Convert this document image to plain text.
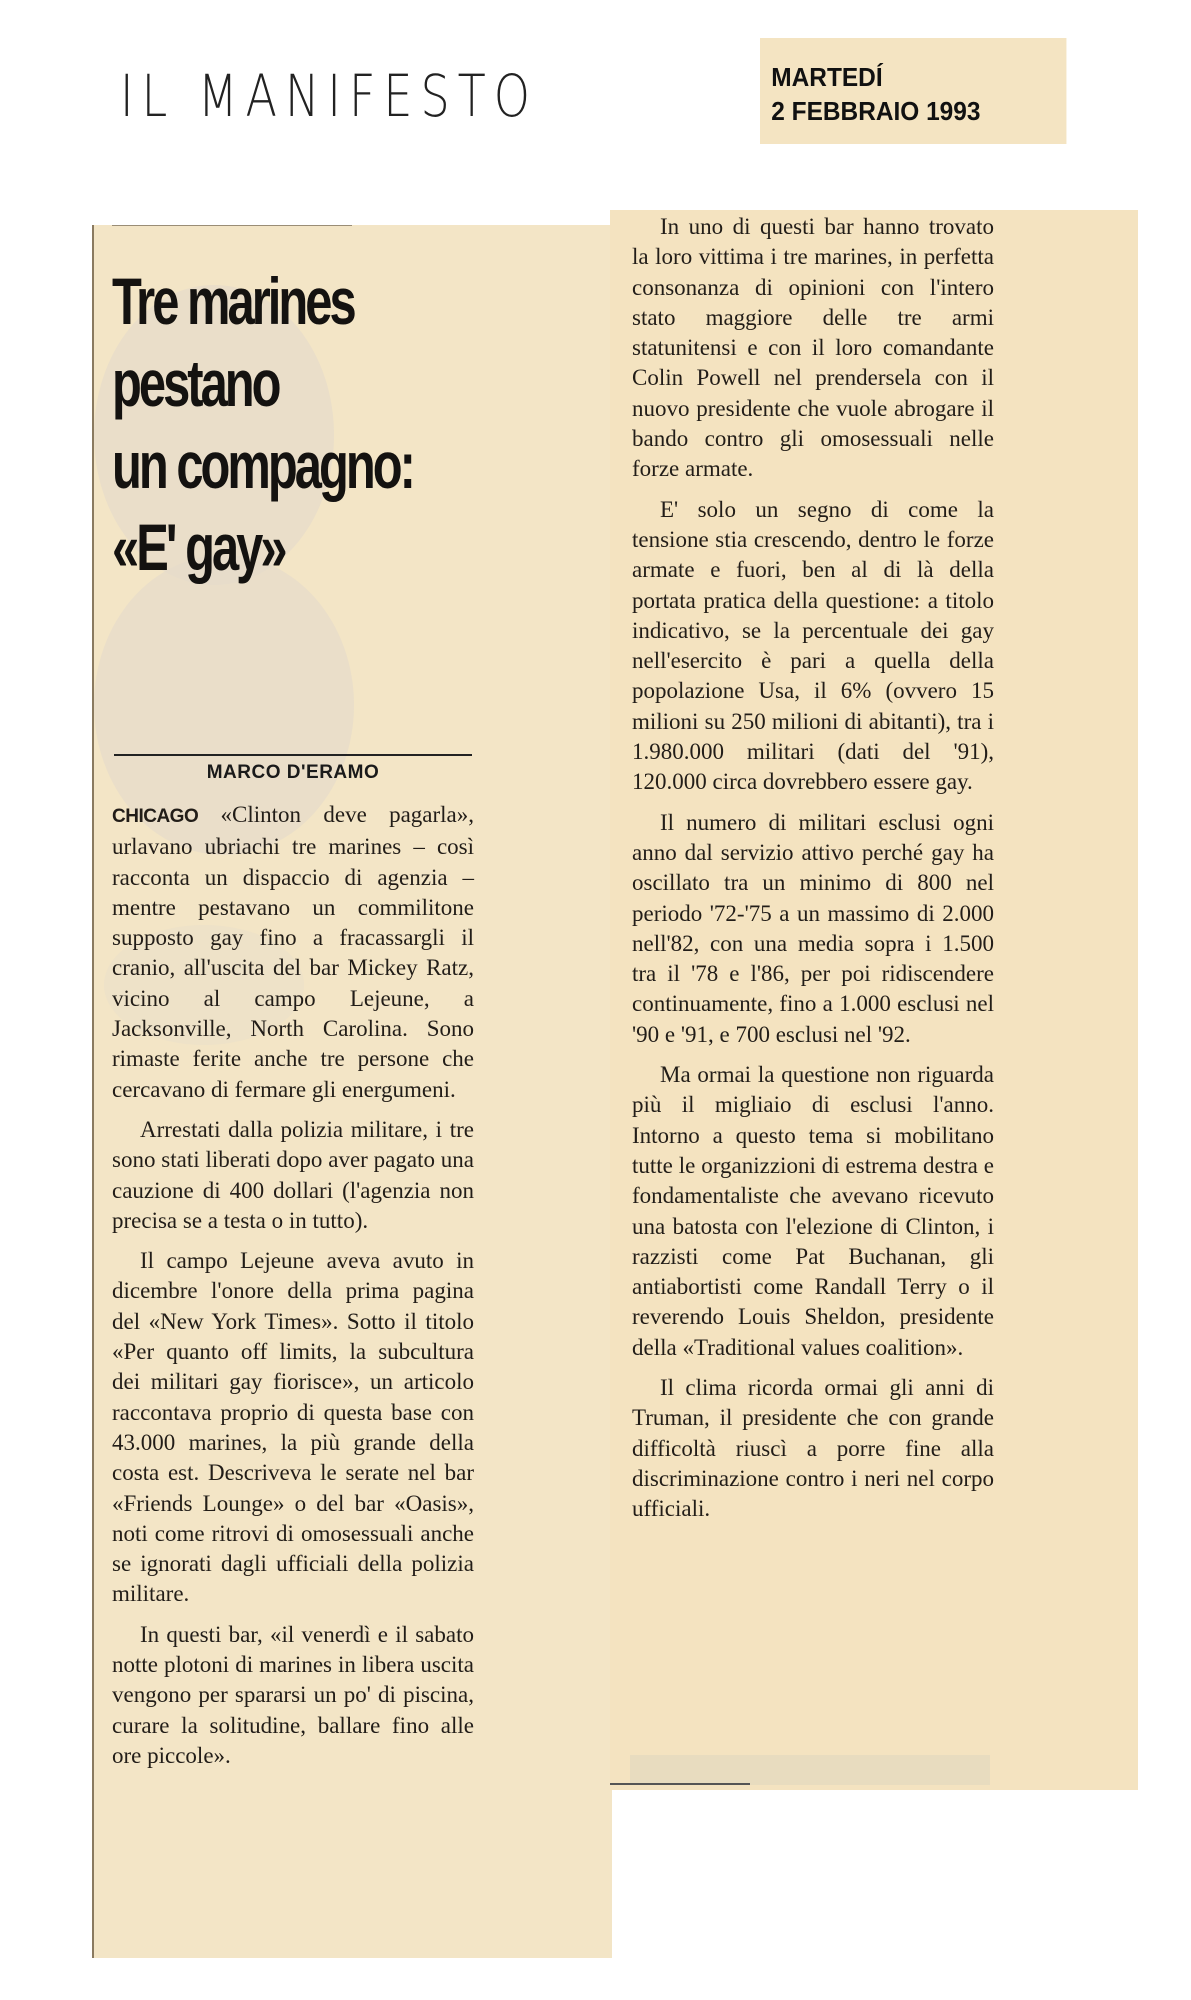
IL MANIFESTO	MARTEDÍ
2 FEBBRAIO 1993
Tre marines
pestano
un compagno:
«E' gay»
MARCO D'ERAMO

CHICAGO «Clinton deve pagarla», urlavano ubriachi tre marines – così racconta un dispaccio di agenzia – mentre pestavano un commilitone supposto gay fino a fracassargli il cranio, all'uscita del bar Mickey Ratz, vicino al campo Lejeune, a Jacksonville, North Carolina. Sono rimaste ferite anche tre persone che cercavano di fermare gli energumeni.

Arrestati dalla polizia militare, i tre sono stati liberati dopo aver pagato una cauzione di 400 dollari (l'agenzia non precisa se a testa o in tutto).

Il campo Lejeune aveva avuto in dicembre l'onore della prima pagina del «New York Times». Sotto il titolo «Per quanto off limits, la subcultura dei militari gay fiorisce», un articolo raccontava proprio di questa base con 43.000 marines, la più grande della costa est. Descriveva le serate nel bar «Friends Lounge» o del bar «Oasis», noti come ritrovi di omosessuali anche se ignorati dagli ufficiali della polizia militare.

In questi bar, «il venerdì e il sabato notte plotoni di marines in libera uscita vengono per spararsi un po' di piscina, curare la solitudine, ballare fino alle ore piccole».

In uno di questi bar hanno trovato la loro vittima i tre marines, in perfetta consonanza di opinioni con l'intero stato maggiore delle tre armi statunitensi e con il loro comandante Colin Powell nel prendersela con il nuovo presidente che vuole abrogare il bando contro gli omosessuali nelle forze armate.

E' solo un segno di come la tensione stia crescendo, dentro le forze armate e fuori, ben al di là della portata pratica della questione: a titolo indicativo, se la percentuale dei gay nell'esercito è pari a quella della popolazione Usa, il 6% (ovvero 15 milioni su 250 milioni di abitanti), tra i 1.980.000 militari (dati del '91), 120.000 circa dovrebbero essere gay.

Il numero di militari esclusi ogni anno dal servizio attivo perché gay ha oscillato tra un minimo di 800 nel periodo '72-'75 a un massimo di 2.000 nell'82, con una media sopra i 1.500 tra il '78 e l'86, per poi ridiscendere continuamente, fino a 1.000 esclusi nel '90 e '91, e 700 esclusi nel '92.

Ma ormai la questione non riguarda più il migliaio di esclusi l'anno. Intorno a questo tema si mobilitano tutte le organizzioni di estrema destra e fondamentaliste che avevano ricevuto una batosta con l'elezione di Clinton, i razzisti come Pat Buchanan, gli antiabortisti come Randall Terry o il reverendo Louis Sheldon, presidente della «Traditional values coalition».

Il clima ricorda ormai gli anni di Truman, il presidente che con grande difficoltà riuscì a porre fine alla discriminazione contro i neri nel corpo ufficiali.
